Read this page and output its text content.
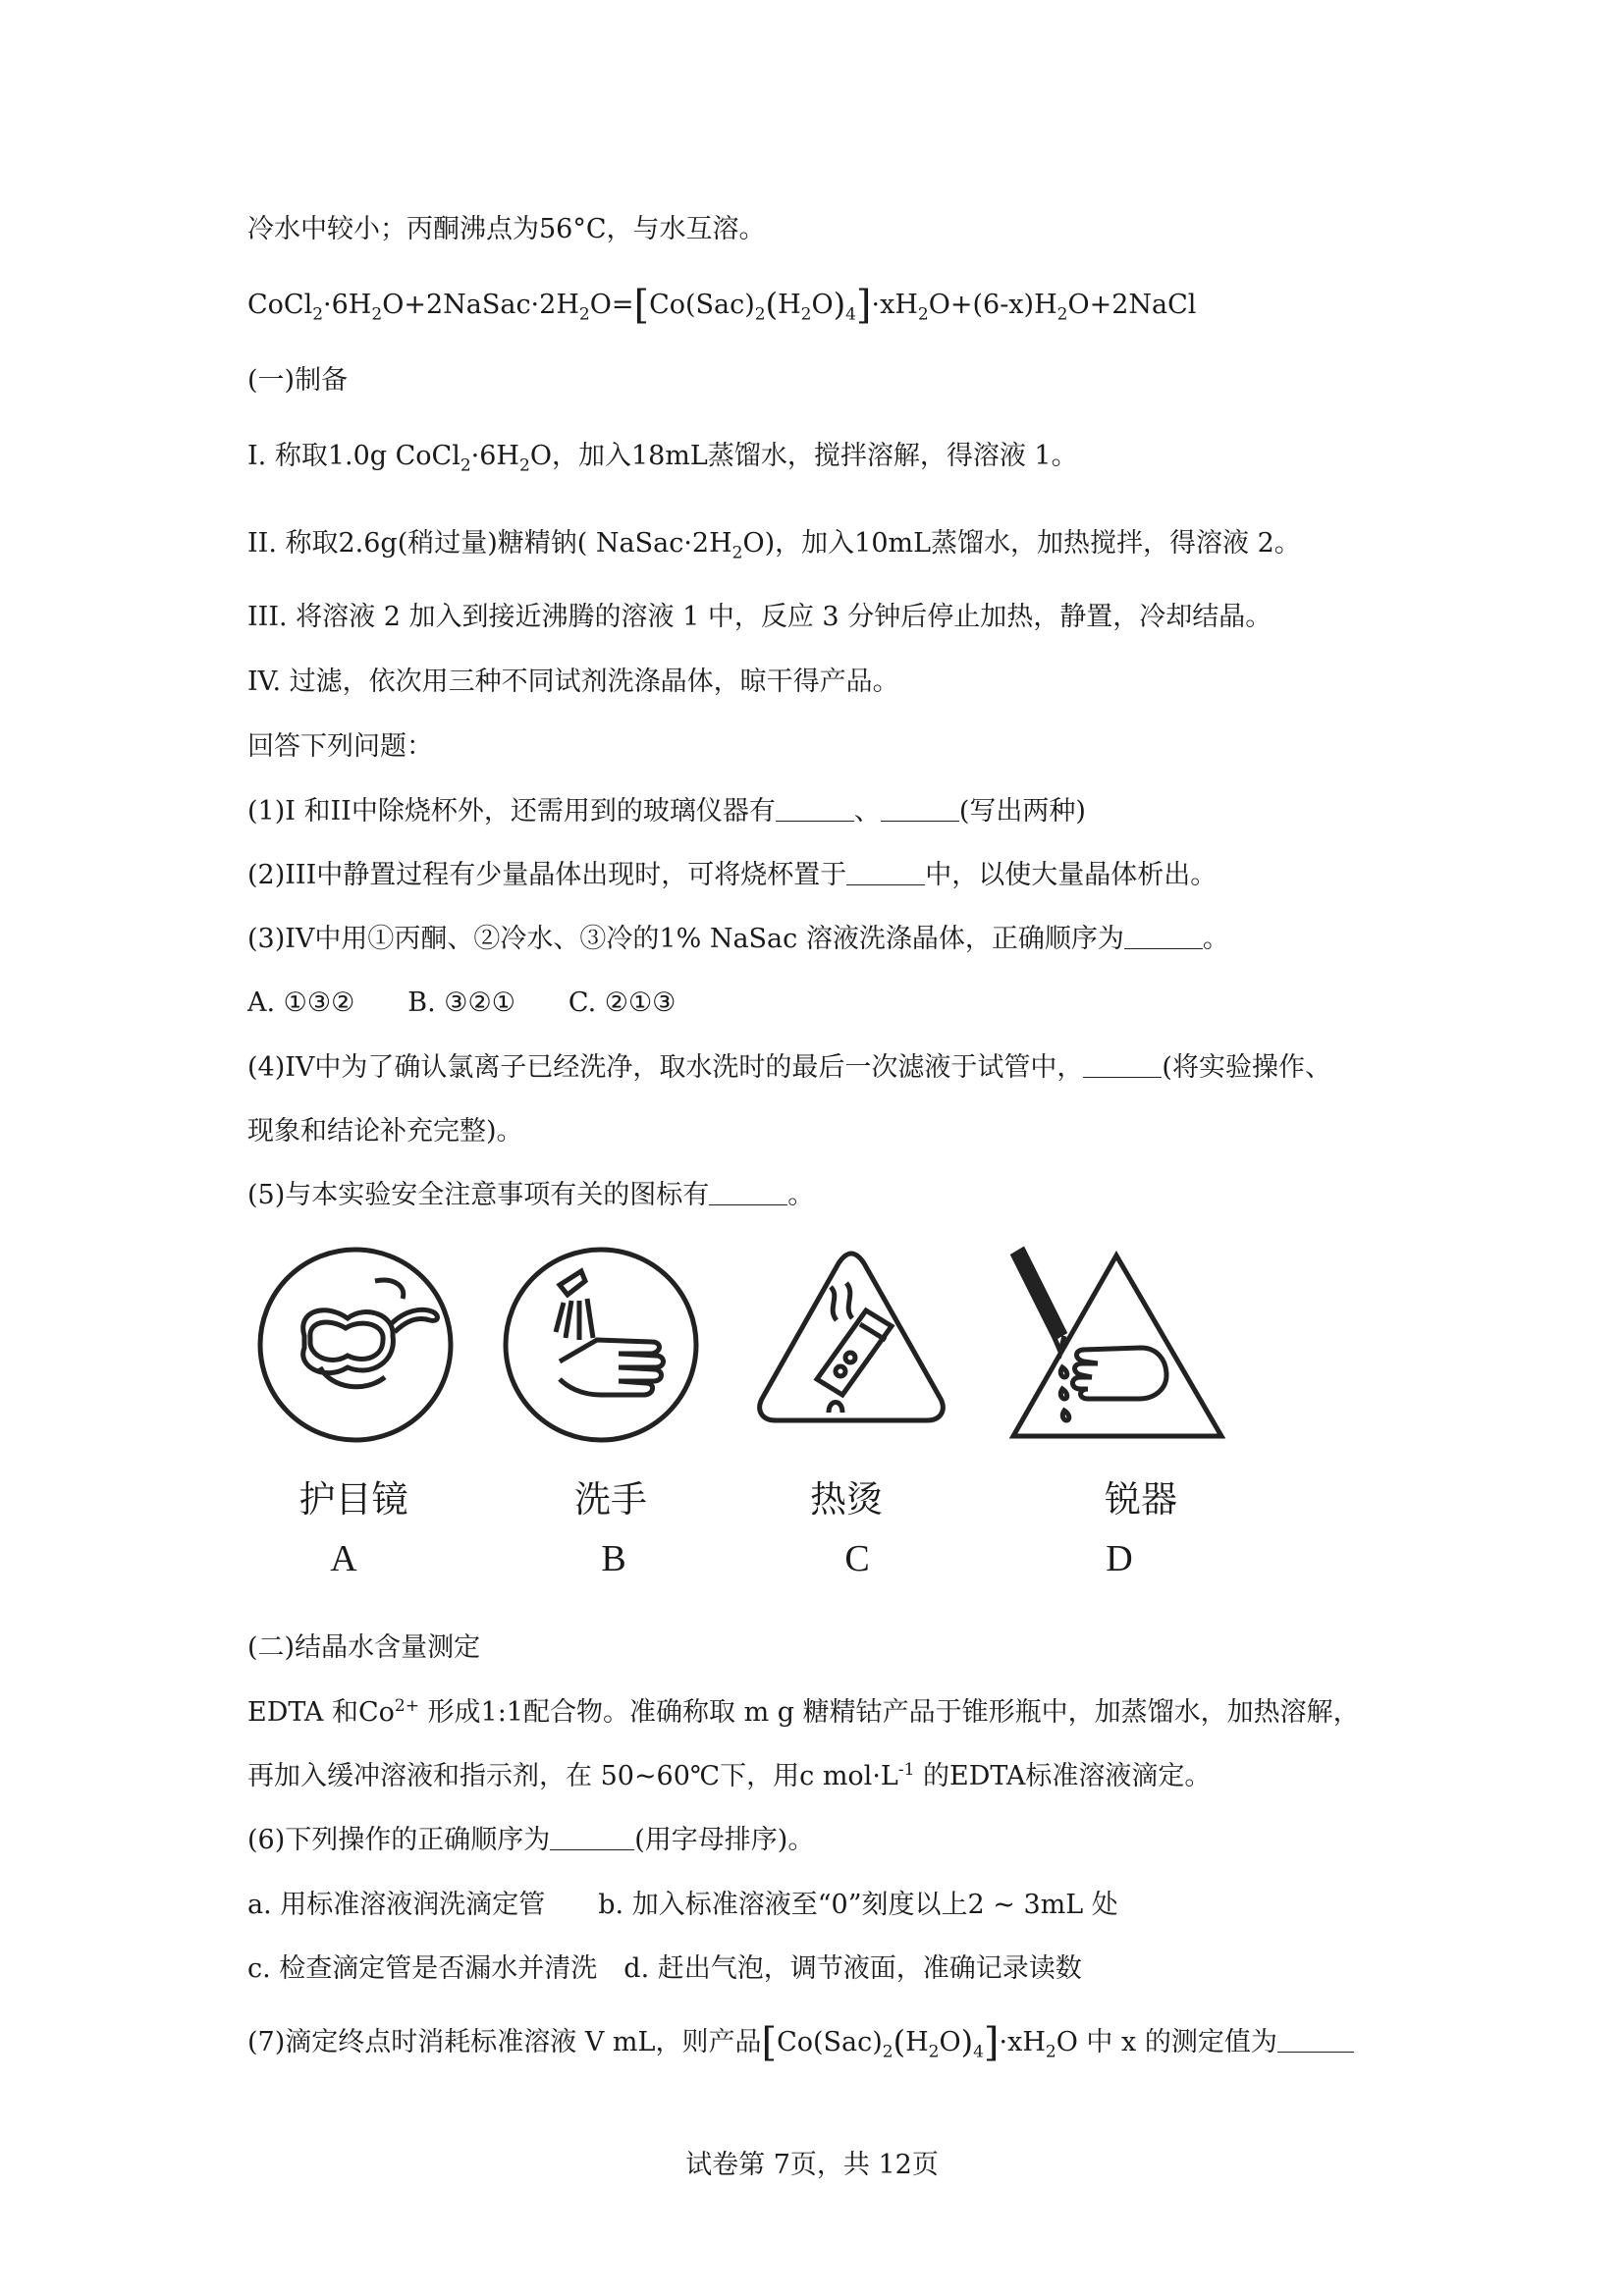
冷水中较小；丙酮沸点为56°C，与水互溶。
$CoCl_2\cdot 6H_2O+2NaSac\cdot 2H_2O=[Co(Sac)_2(H_2O)_4]\cdot xH_2O+(6-x)H_2O+2NaCl$
(一)制备
I. 称取1.0g $CoCl_2\cdot 6H_2O$，加入18mL蒸馏水，搅拌溶解，得溶液 1。
II. 称取2.6g(稍过量)糖精钠( $NaSac\cdot 2H_2O$)，加入10mL蒸馏水，加热搅拌，得溶液 2。
III. 将溶液 2 加入到接近沸腾的溶液 1 中，反应 3 分钟后停止加热，静置，冷却结晶。
IV. 过滤，依次用三种不同试剂洗涤晶体，晾干得产品。
回答下列问题：
(1)I 和II中除烧杯外，还需用到的玻璃仪器有	、	(写出两种)
(2)III中静置过程有少量晶体出现时，可将烧杯置于	中，以使大量晶体析出。
(3)IV中用①丙酮、②冷水、③冷的1% NaSac 溶液洗涤晶体，正确顺序为	。
A. ①③②　　B. ③②①　　C. ②①③
(4)IV中为了确认氯离子已经洗净，取水洗时的最后一次滤液于试管中，	(将实验操作、
现象和结论补充完整)。
(5)与本实验安全注意事项有关的图标有	。
护目镜	洗手	热烫	锐器
A	B	C	D
(二)结晶水含量测定
EDTA 和$Co^{2+}$ 形成1:1配合物。准确称取 m g 糖精钴产品于锥形瓶中，加蒸馏水，加热溶解，
再加入缓冲溶液和指示剂，在 50~60℃下，用c $mol\cdot L^{-1}$ 的EDTA标准溶液滴定。
(6)下列操作的正确顺序为	(用字母排序)。
a. 用标准溶液润洗滴定管　　b. 加入标准溶液至“0”刻度以上2 ~ 3mL 处
c. 检查滴定管是否漏水并清洗　d. 赶出气泡，调节液面，准确记录读数
(7)滴定终点时消耗标准溶液 V mL，则产品$[Co(Sac)_2(H_2O)_4]\cdot xH_2O$ 中 x 的测定值为
试卷第 7页，共 12页
